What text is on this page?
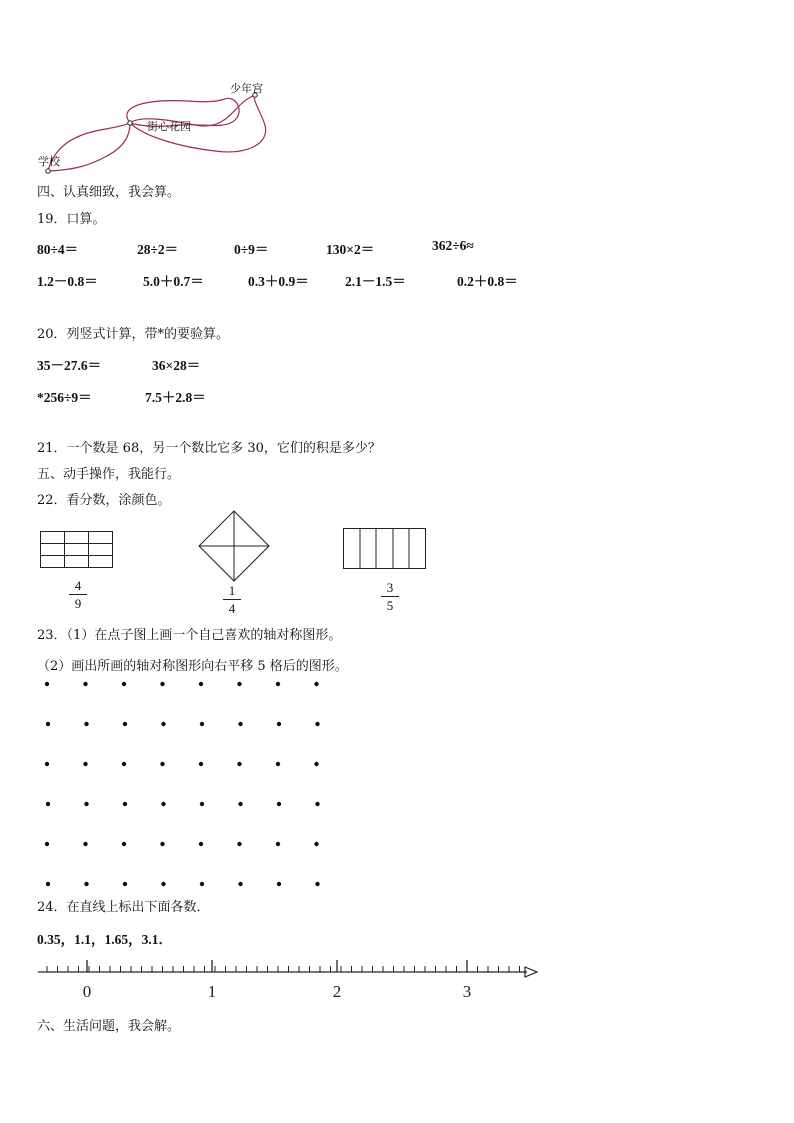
学校
街心花园
少年宫
四、认真细致，我会算。
19．口算。
80÷4＝	28÷2＝	0÷9＝	130×2＝	362÷6≈
1.2－0.8＝	5.0＋0.7＝	0.3＋0.9＝	2.1－1.5＝	0.2＋0.8＝
20．列竖式计算，带*的要验算。
35－27.6＝	36×28＝
*256÷9＝	7.5＋2.8＝
21．一个数是 68，另一个数比它多 30，它们的积是多少？
五、动手操作，我能行。
22．看分数，涂颜色。
4
9
1
4
3
5
23．（1）在点子图上画一个自己喜欢的轴对称图形。
（2）画出所画的轴对称图形向右平移 5 格后的图形。
24．在直线上标出下面各数．
0.35，1.1，1.65，3.1．
0	1	2	3
六、生活问题，我会解。
